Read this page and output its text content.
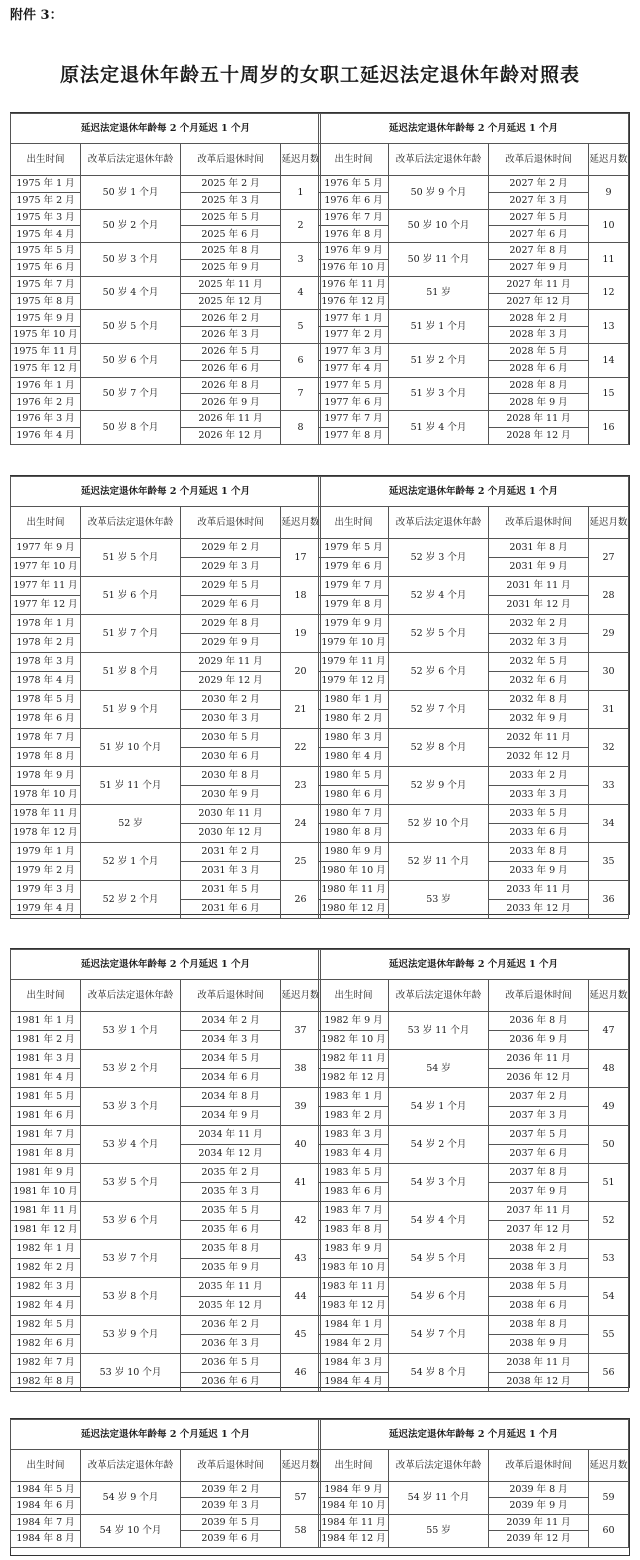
附件 3：
原法定退休年龄五十周岁的女职工延迟法定退休年龄对照表
延迟法定退休年龄每 2 个月延迟 1 个月			
出生时间	改革后法定退休年龄	改革后退休时间	延迟月数
1975 年 1 月	50 岁 1 个月	2025 年 2 月	1
1975 年 2 月		2025 年 3 月	
1975 年 3 月	50 岁 2 个月	2025 年 5 月	2
1975 年 4 月		2025 年 6 月	
1975 年 5 月	50 岁 3 个月	2025 年 8 月	3
1975 年 6 月		2025 年 9 月	
1975 年 7 月	50 岁 4 个月	2025 年 11 月	4
1975 年 8 月		2025 年 12 月	
1975 年 9 月	50 岁 5 个月	2026 年 2 月	5
1975 年 10 月		2026 年 3 月	
1975 年 11 月	50 岁 6 个月	2026 年 5 月	6
1975 年 12 月		2026 年 6 月	
1976 年 1 月	50 岁 7 个月	2026 年 8 月	7
1976 年 2 月		2026 年 9 月	
1976 年 3 月	50 岁 8 个月	2026 年 11 月	8
1976 年 4 月		2026 年 12 月	
延迟法定退休年龄每 2 个月延迟 1 个月			
出生时间	改革后法定退休年龄	改革后退休时间	延迟月数
1976 年 5 月	50 岁 9 个月	2027 年 2 月	9
1976 年 6 月		2027 年 3 月	
1976 年 7 月	50 岁 10 个月	2027 年 5 月	10
1976 年 8 月		2027 年 6 月	
1976 年 9 月	50 岁 11 个月	2027 年 8 月	11
1976 年 10 月		2027 年 9 月	
1976 年 11 月	51 岁	2027 年 11 月	12
1976 年 12 月		2027 年 12 月	
1977 年 1 月	51 岁 1 个月	2028 年 2 月	13
1977 年 2 月		2028 年 3 月	
1977 年 3 月	51 岁 2 个月	2028 年 5 月	14
1977 年 4 月		2028 年 6 月	
1977 年 5 月	51 岁 3 个月	2028 年 8 月	15
1977 年 6 月		2028 年 9 月	
1977 年 7 月	51 岁 4 个月	2028 年 11 月	16
1977 年 8 月		2028 年 12 月	
延迟法定退休年龄每 2 个月延迟 1 个月			
出生时间	改革后法定退休年龄	改革后退休时间	延迟月数
1977 年 9 月	51 岁 5 个月	2029 年 2 月	17
1977 年 10 月		2029 年 3 月	
1977 年 11 月	51 岁 6 个月	2029 年 5 月	18
1977 年 12 月		2029 年 6 月	
1978 年 1 月	51 岁 7 个月	2029 年 8 月	19
1978 年 2 月		2029 年 9 月	
1978 年 3 月	51 岁 8 个月	2029 年 11 月	20
1978 年 4 月		2029 年 12 月	
1978 年 5 月	51 岁 9 个月	2030 年 2 月	21
1978 年 6 月		2030 年 3 月	
1978 年 7 月	51 岁 10 个月	2030 年 5 月	22
1978 年 8 月		2030 年 6 月	
1978 年 9 月	51 岁 11 个月	2030 年 8 月	23
1978 年 10 月		2030 年 9 月	
1978 年 11 月	52 岁	2030 年 11 月	24
1978 年 12 月		2030 年 12 月	
1979 年 1 月	52 岁 1 个月	2031 年 2 月	25
1979 年 2 月		2031 年 3 月	
1979 年 3 月	52 岁 2 个月	2031 年 5 月	26
1979 年 4 月		2031 年 6 月	
延迟法定退休年龄每 2 个月延迟 1 个月			
出生时间	改革后法定退休年龄	改革后退休时间	延迟月数
1979 年 5 月	52 岁 3 个月	2031 年 8 月	27
1979 年 6 月		2031 年 9 月	
1979 年 7 月	52 岁 4 个月	2031 年 11 月	28
1979 年 8 月		2031 年 12 月	
1979 年 9 月	52 岁 5 个月	2032 年 2 月	29
1979 年 10 月		2032 年 3 月	
1979 年 11 月	52 岁 6 个月	2032 年 5 月	30
1979 年 12 月		2032 年 6 月	
1980 年 1 月	52 岁 7 个月	2032 年 8 月	31
1980 年 2 月		2032 年 9 月	
1980 年 3 月	52 岁 8 个月	2032 年 11 月	32
1980 年 4 月		2032 年 12 月	
1980 年 5 月	52 岁 9 个月	2033 年 2 月	33
1980 年 6 月		2033 年 3 月	
1980 年 7 月	52 岁 10 个月	2033 年 5 月	34
1980 年 8 月		2033 年 6 月	
1980 年 9 月	52 岁 11 个月	2033 年 8 月	35
1980 年 10 月		2033 年 9 月	
1980 年 11 月	53 岁	2033 年 11 月	36
1980 年 12 月		2033 年 12 月	
延迟法定退休年龄每 2 个月延迟 1 个月			
出生时间	改革后法定退休年龄	改革后退休时间	延迟月数
1981 年 1 月	53 岁 1 个月	2034 年 2 月	37
1981 年 2 月		2034 年 3 月	
1981 年 3 月	53 岁 2 个月	2034 年 5 月	38
1981 年 4 月		2034 年 6 月	
1981 年 5 月	53 岁 3 个月	2034 年 8 月	39
1981 年 6 月		2034 年 9 月	
1981 年 7 月	53 岁 4 个月	2034 年 11 月	40
1981 年 8 月		2034 年 12 月	
1981 年 9 月	53 岁 5 个月	2035 年 2 月	41
1981 年 10 月		2035 年 3 月	
1981 年 11 月	53 岁 6 个月	2035 年 5 月	42
1981 年 12 月		2035 年 6 月	
1982 年 1 月	53 岁 7 个月	2035 年 8 月	43
1982 年 2 月		2035 年 9 月	
1982 年 3 月	53 岁 8 个月	2035 年 11 月	44
1982 年 4 月		2035 年 12 月	
1982 年 5 月	53 岁 9 个月	2036 年 2 月	45
1982 年 6 月		2036 年 3 月	
1982 年 7 月	53 岁 10 个月	2036 年 5 月	46
1982 年 8 月		2036 年 6 月	
延迟法定退休年龄每 2 个月延迟 1 个月			
出生时间	改革后法定退休年龄	改革后退休时间	延迟月数
1982 年 9 月	53 岁 11 个月	2036 年 8 月	47
1982 年 10 月		2036 年 9 月	
1982 年 11 月	54 岁	2036 年 11 月	48
1982 年 12 月		2036 年 12 月	
1983 年 1 月	54 岁 1 个月	2037 年 2 月	49
1983 年 2 月		2037 年 3 月	
1983 年 3 月	54 岁 2 个月	2037 年 5 月	50
1983 年 4 月		2037 年 6 月	
1983 年 5 月	54 岁 3 个月	2037 年 8 月	51
1983 年 6 月		2037 年 9 月	
1983 年 7 月	54 岁 4 个月	2037 年 11 月	52
1983 年 8 月		2037 年 12 月	
1983 年 9 月	54 岁 5 个月	2038 年 2 月	53
1983 年 10 月		2038 年 3 月	
1983 年 11 月	54 岁 6 个月	2038 年 5 月	54
1983 年 12 月		2038 年 6 月	
1984 年 1 月	54 岁 7 个月	2038 年 8 月	55
1984 年 2 月		2038 年 9 月	
1984 年 3 月	54 岁 8 个月	2038 年 11 月	56
1984 年 4 月		2038 年 12 月	
延迟法定退休年龄每 2 个月延迟 1 个月			
出生时间	改革后法定退休年龄	改革后退休时间	延迟月数
1984 年 5 月	54 岁 9 个月	2039 年 2 月	57
1984 年 6 月		2039 年 3 月	
1984 年 7 月	54 岁 10 个月	2039 年 5 月	58
1984 年 8 月		2039 年 6 月	
延迟法定退休年龄每 2 个月延迟 1 个月			
出生时间	改革后法定退休年龄	改革后退休时间	延迟月数
1984 年 9 月	54 岁 11 个月	2039 年 8 月	59
1984 年 10 月		2039 年 9 月	
1984 年 11 月	55 岁	2039 年 11 月	60
1984 年 12 月		2039 年 12 月	
